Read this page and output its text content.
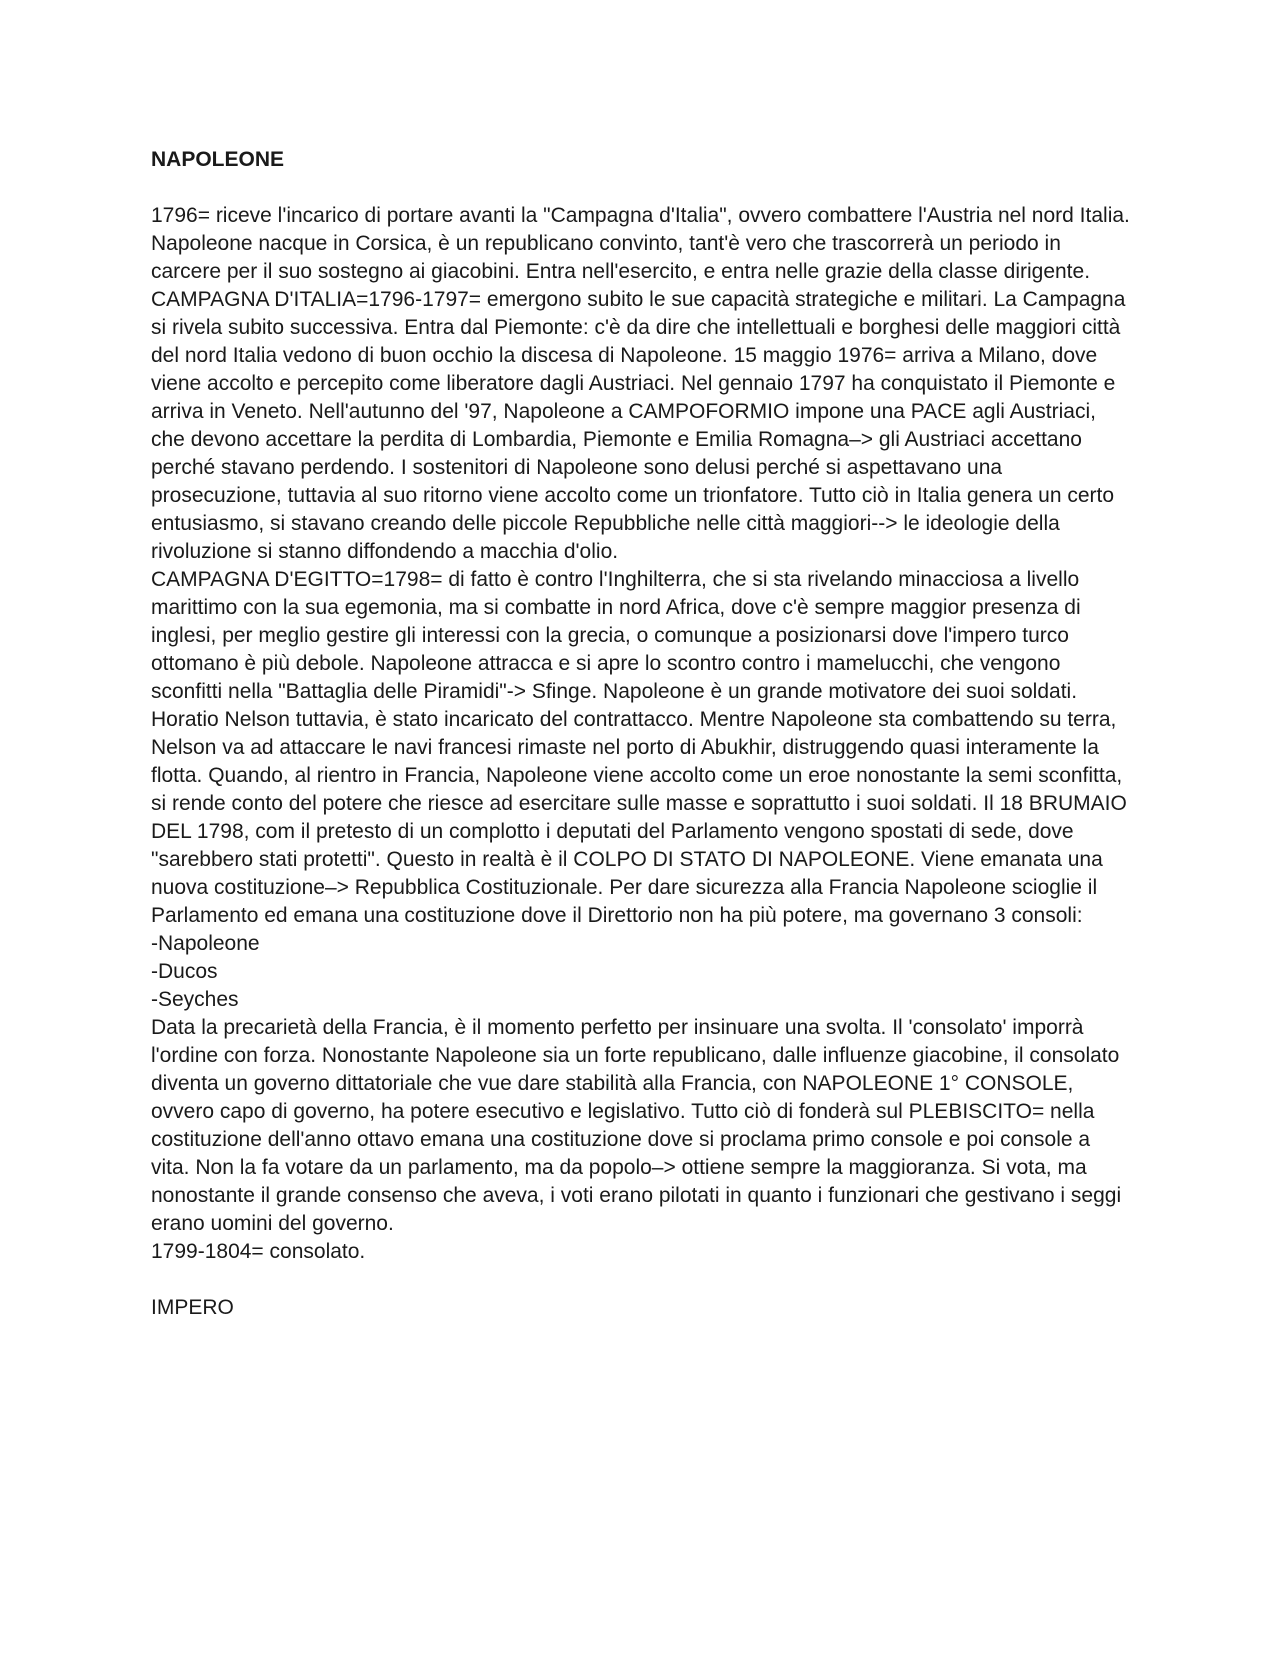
NAPOLEONE

1796= riceve l'incarico di portare avanti la "Campagna d'Italia", ovvero combattere l'Austria nel nord Italia.

Napoleone nacque in Corsica, è un republicano convinto, tant'è vero che trascorrerà un periodo in carcere per il suo sostegno ai giacobini. Entra nell'esercito, e entra nelle grazie della classe dirigente. CAMPAGNA D'ITALIA=1796-1797= emergono subito le sue capacità strategiche e militari. La Campagna si rivela subito successiva. Entra dal Piemonte: c'è da dire che intellettuali e borghesi delle maggiori città del nord Italia vedono di buon occhio la discesa di Napoleone. 15 maggio 1976= arriva a Milano, dove viene accolto e percepito come liberatore dagli Austriaci. Nel gennaio 1797 ha conquistato il Piemonte e arriva in Veneto. Nell'autunno del '97, Napoleone a CAMPOFORMIO impone una PACE agli Austriaci, che devono accettare la perdita di Lombardia, Piemonte e Emilia Romagna–> gli Austriaci accettano perché stavano perdendo. I sostenitori di Napoleone sono delusi perché si aspettavano una prosecuzione, tuttavia al suo ritorno viene accolto come un trionfatore. Tutto ciò in Italia genera un certo entusiasmo, si stavano creando delle piccole Repubbliche nelle città maggiori--> le ideologie della rivoluzione si stanno diffondendo a macchia d'olio.

CAMPAGNA D'EGITTO=1798= di fatto è contro l'Inghilterra, che si sta rivelando minacciosa a livello marittimo con la sua egemonia, ma si combatte in nord Africa, dove c'è sempre maggior presenza di inglesi, per meglio gestire gli interessi con la grecia, o comunque a posizionarsi dove l'impero turco ottomano è più debole. Napoleone attracca e si apre lo scontro contro i mamelucchi, che vengono sconfitti nella "Battaglia delle Piramidi"-> Sfinge. Napoleone è un grande motivatore dei suoi soldati. Horatio Nelson tuttavia, è stato incaricato del contrattacco. Mentre Napoleone sta combattendo su terra, Nelson va ad attaccare le navi francesi rimaste nel porto di Abukhir, distruggendo quasi interamente la flotta. Quando, al rientro in Francia, Napoleone viene accolto come un eroe nonostante la semi sconfitta, si rende conto del potere che riesce ad esercitare sulle masse e soprattutto i suoi soldati. Il 18 BRUMAIO DEL 1798, com il pretesto di un complotto i deputati del Parlamento vengono spostati di sede, dove "sarebbero stati protetti". Questo in realtà è il COLPO DI STATO DI NAPOLEONE. Viene emanata una nuova costituzione–> Repubblica Costituzionale. Per dare sicurezza alla Francia Napoleone scioglie il Parlamento ed emana una costituzione dove il Direttorio non ha più potere, ma governano 3 consoli:

-Napoleone
-Ducos
-Seyches

Data la precarietà della Francia, è il momento perfetto per insinuare una svolta. Il 'consolato' imporrà l'ordine con forza. Nonostante Napoleone sia un forte republicano, dalle influenze giacobine, il consolato diventa un governo dittatoriale che vue dare stabilità alla Francia, con NAPOLEONE 1° CONSOLE, ovvero capo di governo, ha potere esecutivo e legislativo. Tutto ciò di fonderà sul PLEBISCITO= nella costituzione dell'anno ottavo emana una costituzione dove si proclama primo console e poi console a vita. Non la fa votare da un parlamento, ma da popolo–> ottiene sempre la maggioranza. Si vota, ma nonostante il grande consenso che aveva, i voti erano pilotati in quanto i funzionari che gestivano i seggi erano uomini del governo.

1799-1804= consolato.

IMPERO
